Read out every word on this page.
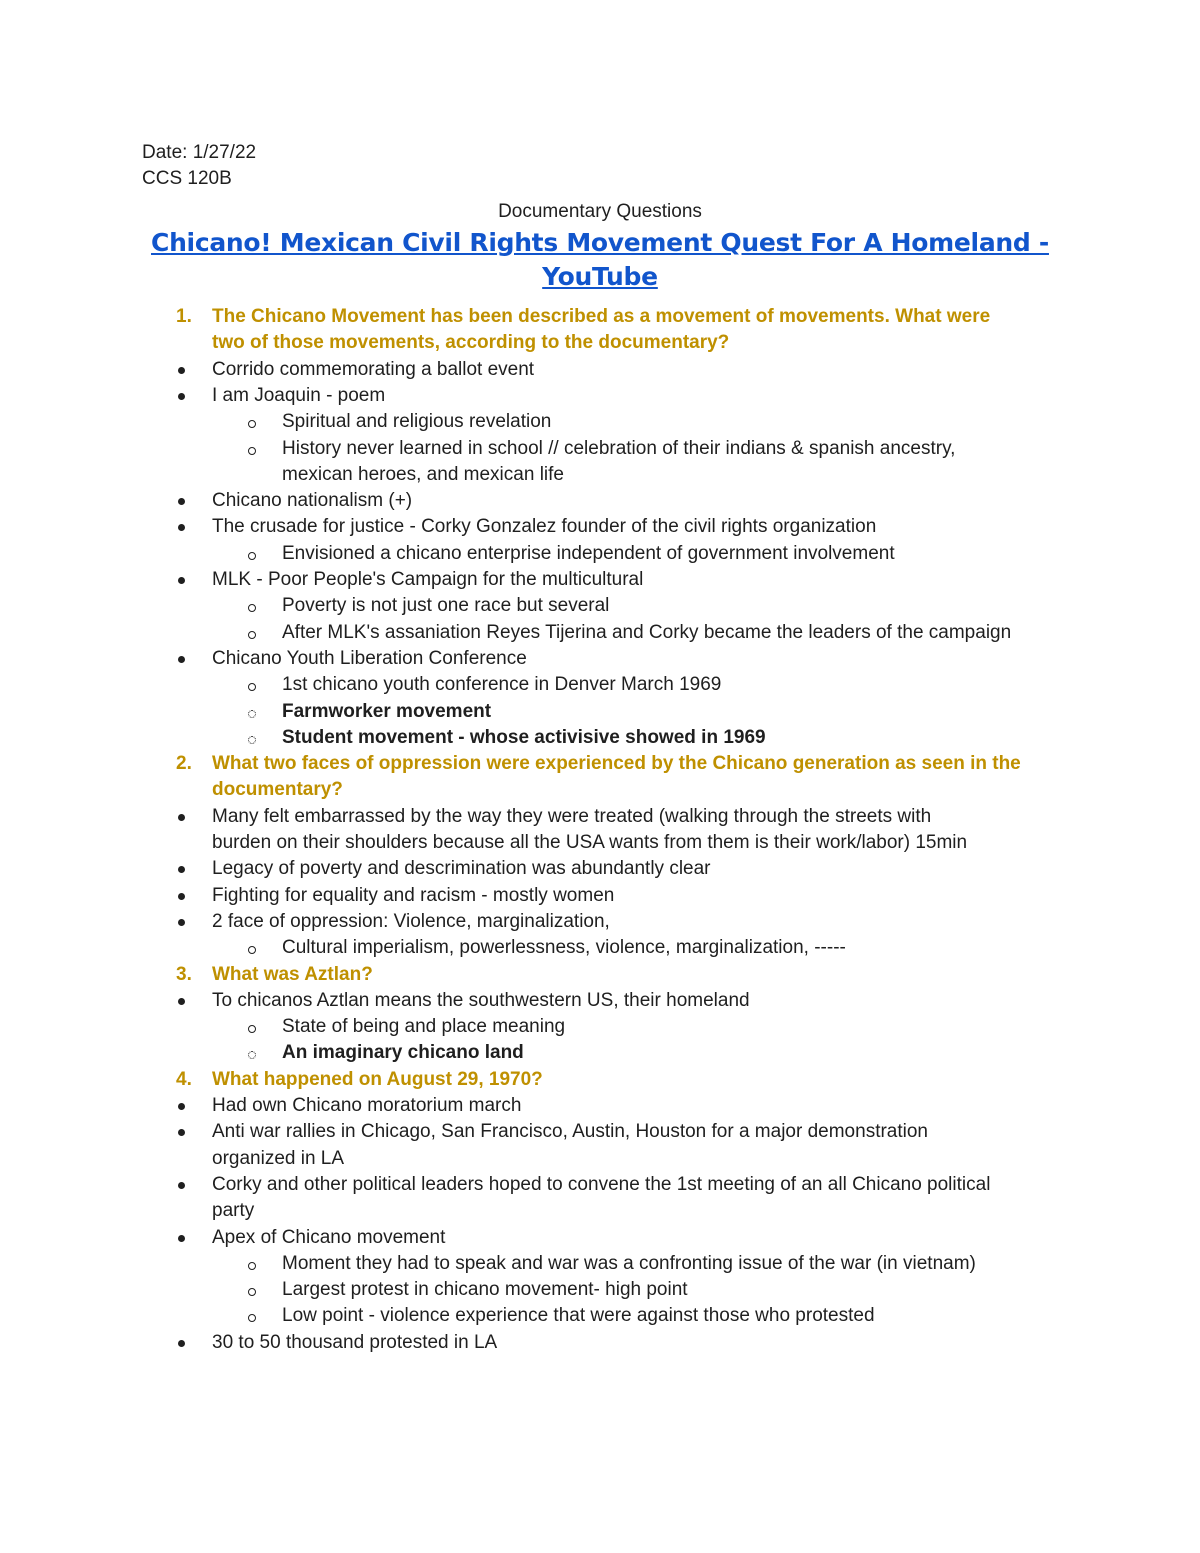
Date: 1/27/22
CCS 120B
Documentary Questions
Chicano! Mexican Civil Rights Movement Quest For A Homeland -
YouTube
1. The Chicano Movement has been described as a movement of movements. What were
two of those movements, according to the documentary?
Corrido commemorating a ballot event
I am Joaquin - poem
Spiritual and religious revelation
History never learned in school // celebration of their indians & spanish ancestry,
mexican heroes, and mexican life
Chicano nationalism (+)
The crusade for justice - Corky Gonzalez founder of the civil rights organization
Envisioned a chicano enterprise independent of government involvement
MLK - Poor People's Campaign for the multicultural
Poverty is not just one race but several
After MLK's assaniation Reyes Tijerina and Corky became the leaders of the campaign
Chicano Youth Liberation Conference
1st chicano youth conference in Denver March 1969
Farmworker movement
Student movement - whose activisive showed in 1969
2. What two faces of oppression were experienced by the Chicano generation as seen in the
documentary?
Many felt embarrassed by the way they were treated (walking through the streets with
burden on their shoulders because all the USA wants from them is their work/labor) 15min
Legacy of poverty and descrimination was abundantly clear
Fighting for equality and racism - mostly women
2 face of oppression: Violence, marginalization,
Cultural imperialism, powerlessness, violence, marginalization, -----
3. What was Aztlan?
To chicanos Aztlan means the southwestern US, their homeland
State of being and place meaning
An imaginary chicano land
4. What happened on August 29, 1970?
Had own Chicano moratorium march
Anti war rallies in Chicago, San Francisco, Austin, Houston for a major demonstration
organized in LA
Corky and other political leaders hoped to convene the 1st meeting of an all Chicano political
party
Apex of Chicano movement
Moment they had to speak and war was a confronting issue of the war (in vietnam)
Largest protest in chicano movement- high point
Low point - violence experience that were against those who protested
30 to 50 thousand protested in LA
